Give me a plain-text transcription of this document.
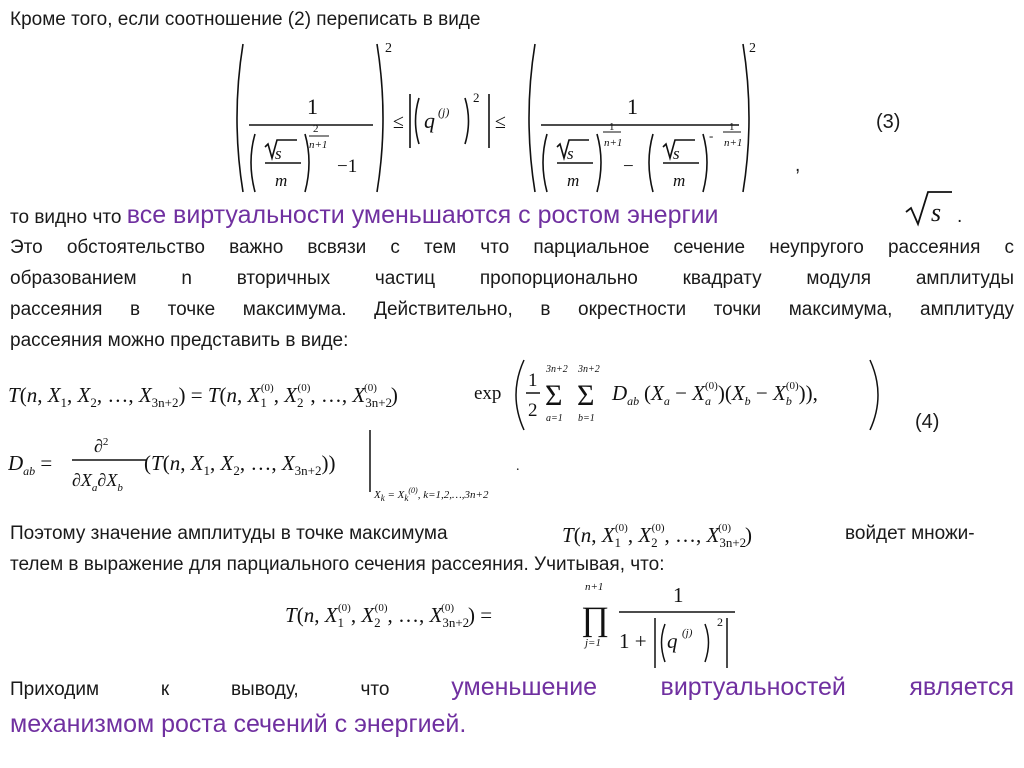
Кроме того, если соотношение (2) переписать в виде
2
1
s
m
2
n+1
−1
≤ q (j)
2
≤
2
1
s
m
1
n+1
−
s
m
-
1
n+1
(3)
,
то видно что все виртуальности уменьшаются с ростом энергии	s .
Это обстоятельство важно всвязи с тем что парциальное сечение неупругого рассеяния с
образованием n вторичных частиц пропорционально квадрату модуля амплитуды
рассеяния в точке максимума. Действительно, в окрестности точки максимума, амплитуду
рассеяния можно представить в виде:
T(n, $X_1$, $X_2$, …, $X_{3n+2}) = T(n$, $X_1(0)$, $X_2(0)$, …, $X_{3n+2}(0)$ )	exp
1
2
3n+2
Σ
a=1
3n+2
Σ
b=1
$D_{ab}$ $(X_a - X_a(0))(X_b - X_b(0))$),
$D_{ab}$ =
∂$^2$
$\partial X_a\partial X_b$
(T(n, $X_1$, $X_2$, …, $X_{3n+2}$))
$X_k = X_k^{(0)}$, k=1,2,…,3n+2
.
(4)
Поэтому значение амплитуды в точке максимума	T(n, $X_1(0)$, $X_2(0)$, …, $X_{3n+2}(0)$ )	войдет множи-
телем в выражение для парциального сечения рассеяния. Учитывая, что:
T(n, $X_1(0)$, $X_2(0)$, …, $X_{3n+2}(0)$ ) =
n+1
∏
j=1
1
1 + q (j)
2
Приходим к выводу, что уменьшение виртуальностей является
механизмом роста сечений с энергией.
